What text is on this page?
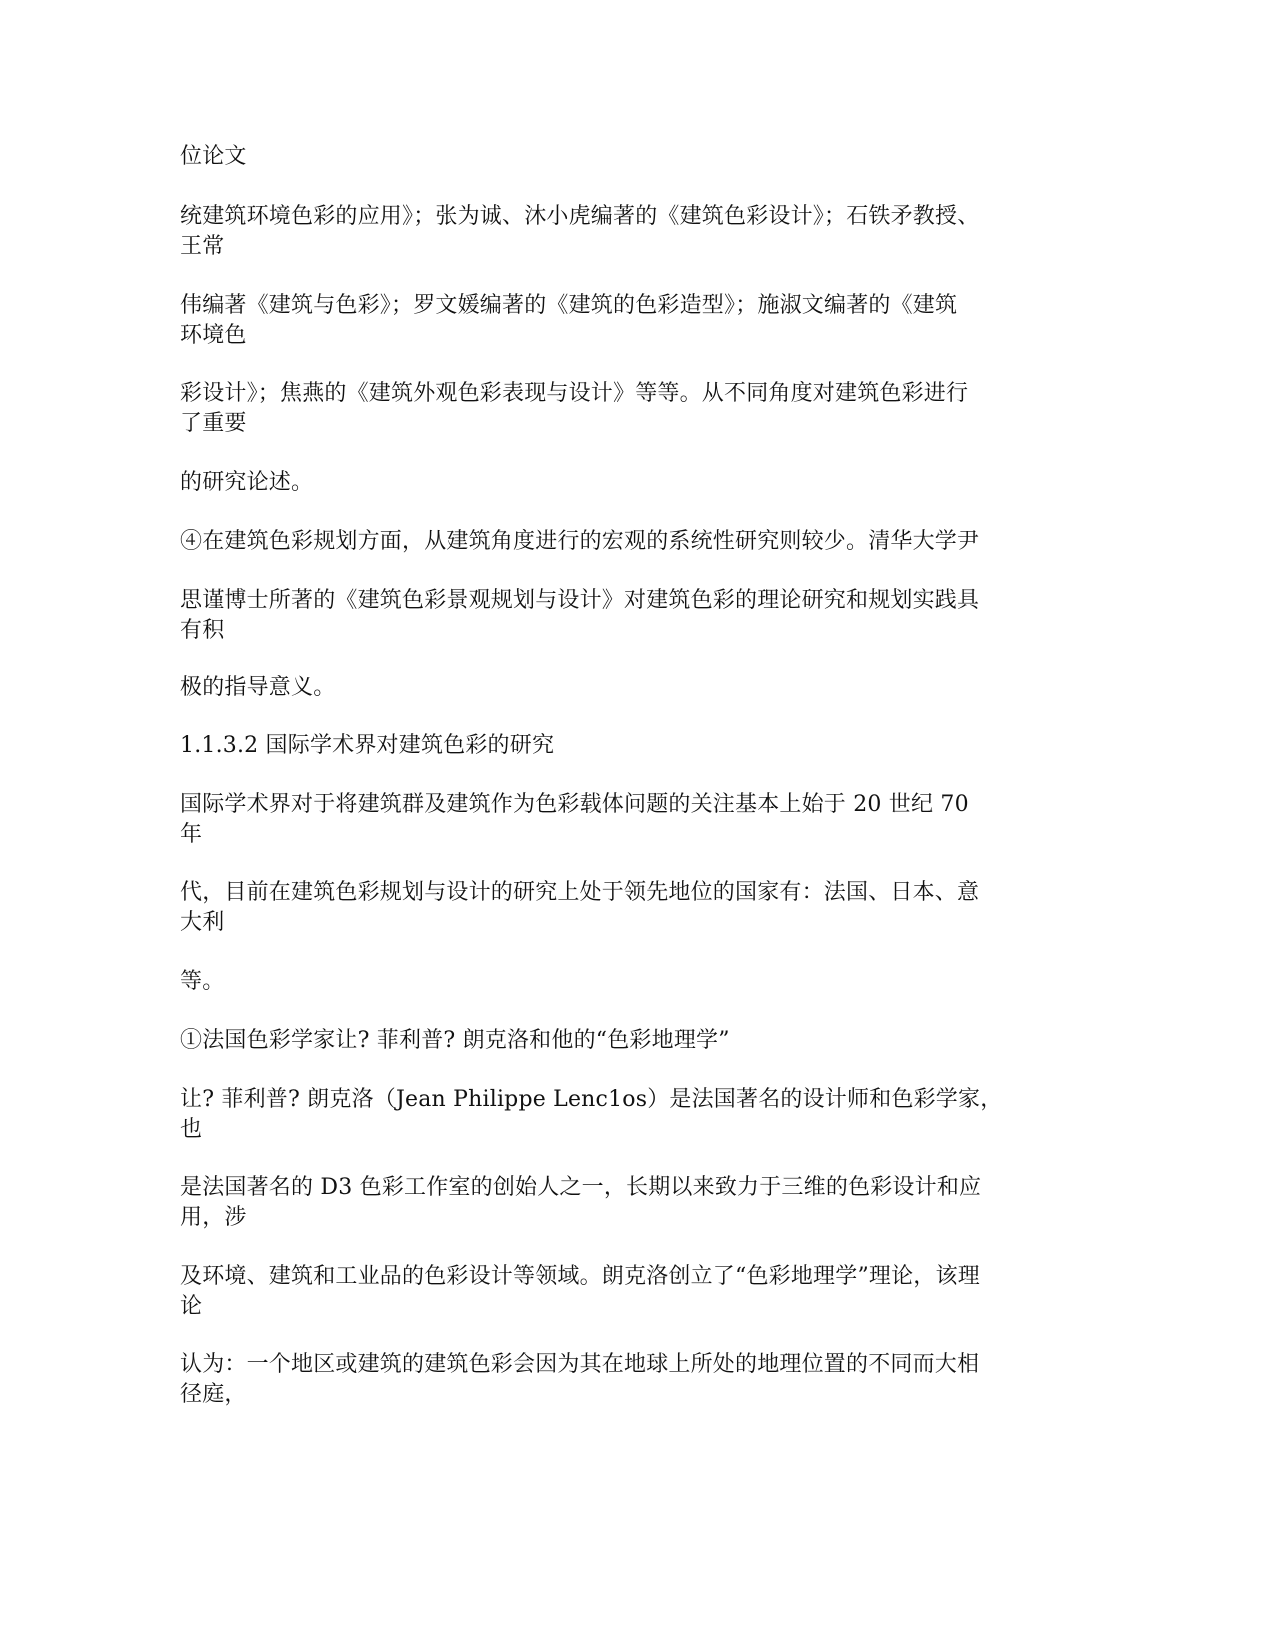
位论文

统建筑环境色彩的应用》；张为诚、沐小虎编著的《建筑色彩设计》；石铁矛教授、
王常

伟编著《建筑与色彩》；罗文媛编著的《建筑的色彩造型》；施淑文编著的《建筑
环境色

彩设计》；焦燕的《建筑外观色彩表现与设计》等等。从不同角度对建筑色彩进行
了重要

的研究论述。

④在建筑色彩规划方面，从建筑角度进行的宏观的系统性研究则较少。清华大学尹

思谨博士所著的《建筑色彩景观规划与设计》对建筑色彩的理论研究和规划实践具
有积

极的指导意义。

1.1.3.2 国际学术界对建筑色彩的研究

国际学术界对于将建筑群及建筑作为色彩载体问题的关注基本上始于 20 世纪 70
年

代，目前在建筑色彩规划与设计的研究上处于领先地位的国家有：法国、日本、意
大利

等。

①法国色彩学家让? 菲利普? 朗克洛和他的“色彩地理学”

让? 菲利普? 朗克洛（Jean Philippe Lenc1os）是法国著名的设计师和色彩学家，
也

是法国著名的 D3 色彩工作室的创始人之一，长期以来致力于三维的色彩设计和应
用，涉

及环境、建筑和工业品的色彩设计等领域。朗克洛创立了“色彩地理学”理论，该理
论

认为：一个地区或建筑的建筑色彩会因为其在地球上所处的地理位置的不同而大相
径庭，
